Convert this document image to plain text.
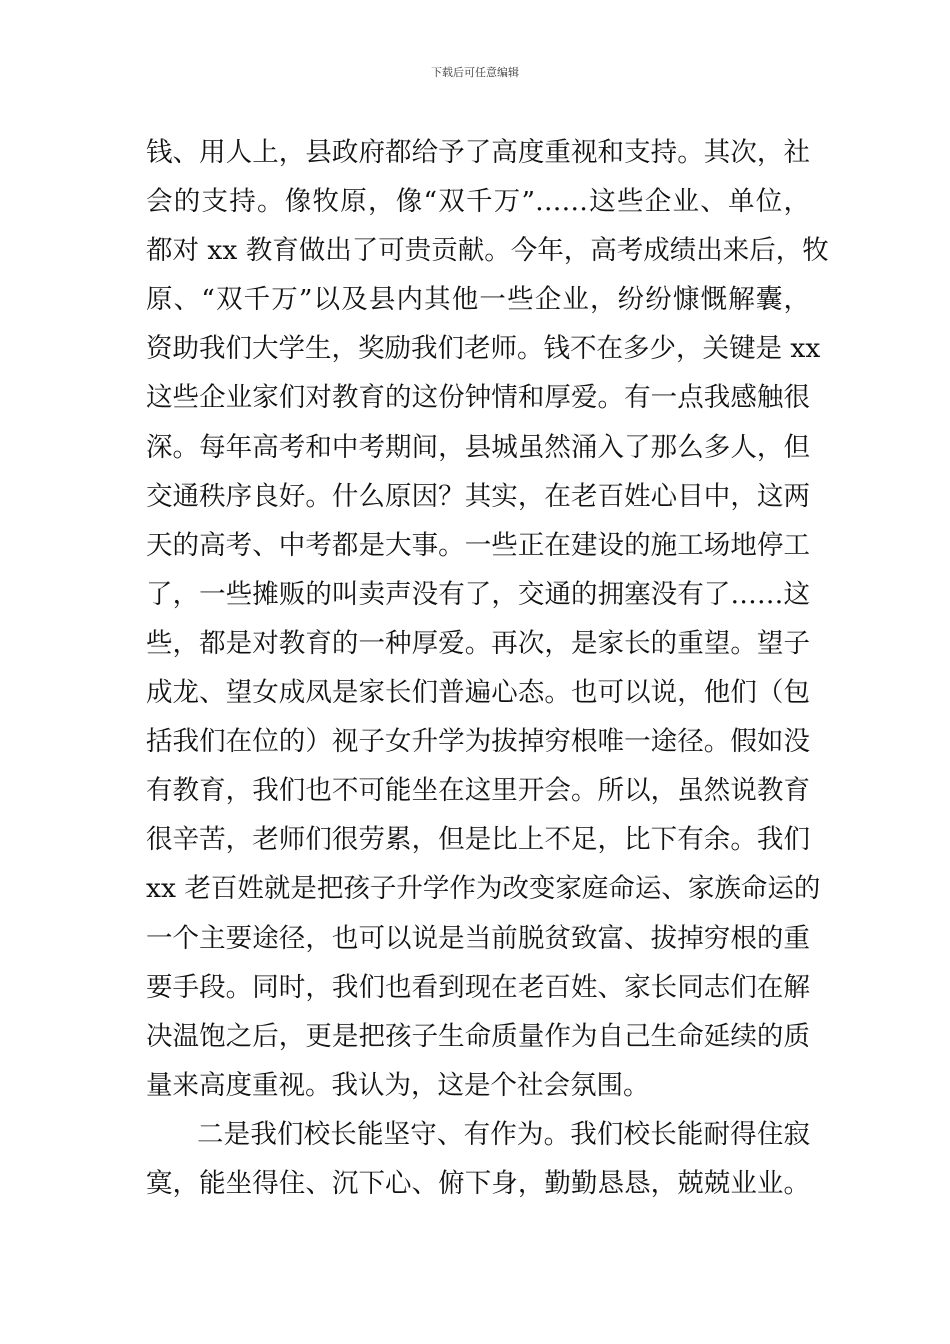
下载后可任意编辑
钱、用人上，县政府都给予了高度重视和支持。其次，社
会的支持。像牧原，像“双千万”……这些企业、单位，
都对 xx 教育做出了可贵贡献。今年，高考成绩出来后，牧
原、“双千万”以及县内其他一些企业，纷纷慷慨解囊，
资助我们大学生，奖励我们老师。钱不在多少，关键是 xx
这些企业家们对教育的这份钟情和厚爱。有一点我感触很
深。每年高考和中考期间，县城虽然涌入了那么多人，但
交通秩序良好。什么原因？其实，在老百姓心目中，这两
天的高考、中考都是大事。一些正在建设的施工场地停工
了，一些摊贩的叫卖声没有了，交通的拥塞没有了……这
些，都是对教育的一种厚爱。再次，是家长的重望。望子
成龙、望女成凤是家长们普遍心态。也可以说，他们（包
括我们在位的）视子女升学为拔掉穷根唯一途径。假如没
有教育，我们也不可能坐在这里开会。所以，虽然说教育
很辛苦，老师们很劳累，但是比上不足，比下有余。我们
xx 老百姓就是把孩子升学作为改变家庭命运、家族命运的
一个主要途径，也可以说是当前脱贫致富、拔掉穷根的重
要手段。同时，我们也看到现在老百姓、家长同志们在解
决温饱之后，更是把孩子生命质量作为自己生命延续的质
量来高度重视。我认为，这是个社会氛围。
二是我们校长能坚守、有作为。我们校长能耐得住寂
寞，能坐得住、沉下心、俯下身，勤勤恳恳，兢兢业业。
